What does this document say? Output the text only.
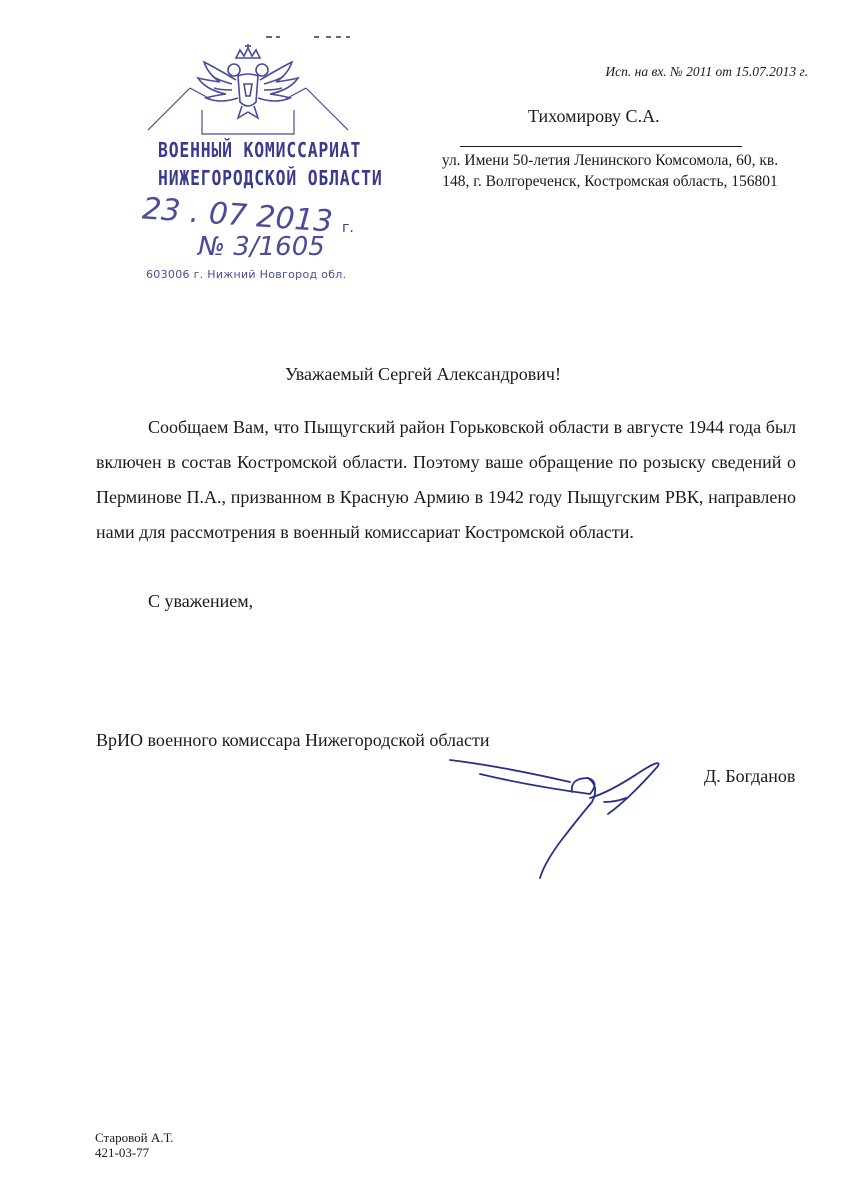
ВОЕННЫЙ КОМИССАРИАТ
НИЖЕГОРОДСКОЙ ОБЛАСТИ
23 . 07 2013 г.
№ 3/1605
603006 г. Нижний Новгород обл.
Исп. на вх. № 2011 от 15.07.2013 г.
Тихомирову С.А.
ул. Имени 50-летия Ленинского Комсомола, 60, кв. 148, г. Волгореченск, Костромская область, 156801
Уважаемый Сергей Александрович!
Сообщаем Вам, что Пыщугский район Горьковской области в августе 1944 года был включен в состав Костромской области. Поэтому ваше обращение по розыску сведений о Перминове П.А., призванном в Красную Армию в 1942 году Пыщугским РВК, направлено нами для рассмотрения в военный комиссариат Костромской области.
С уважением,
ВрИО военного комиссара Нижегородской области
Д. Богданов
Старовой А.Т.
421-03-77
